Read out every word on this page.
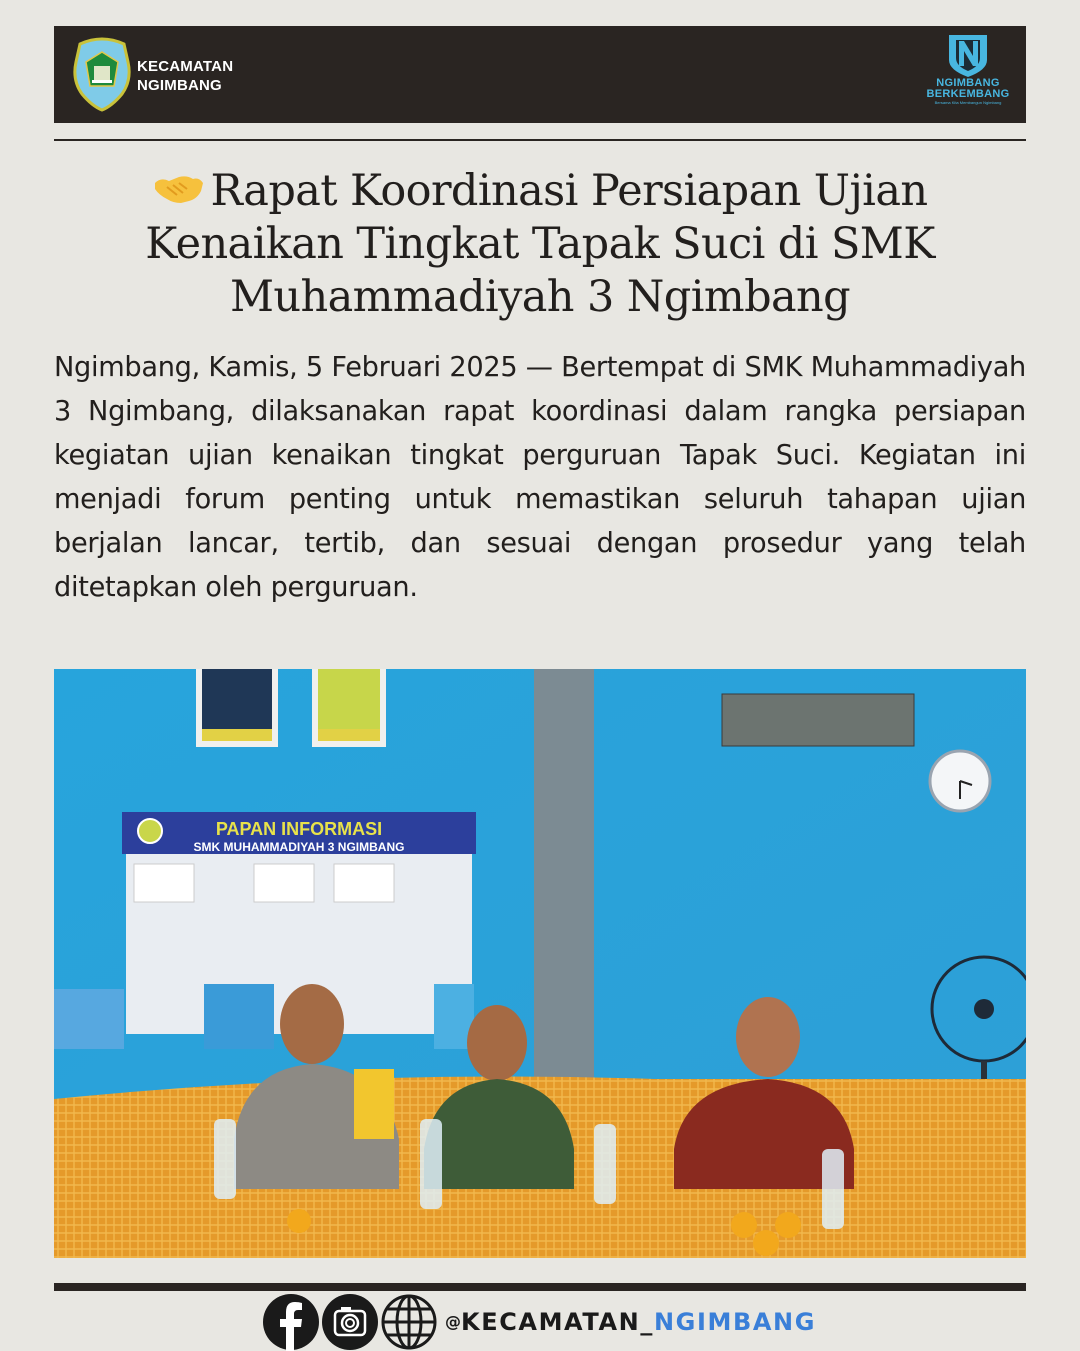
KECAMATAN
NGIMBANG	NGIMBANG
BERKEMBANG
Bersama Kita Membangun Ngimbang
Rapat Koordinasi Persiapan Ujian Kenaikan Tingkat Tapak Suci di SMK Muhammadiyah 3 Ngimbang

Ngimbang, Kamis, 5 Februari 2025 — Bertempat di SMK Muhammadiyah 3 Ngimbang, dilaksanakan rapat koordinasi dalam rangka persiapan kegiatan ujian kenaikan tingkat perguruan Tapak Suci. Kegiatan ini menjadi forum penting untuk memastikan seluruh tahapan ujian berjalan lancar, tertib, dan sesuai dengan prosedur yang telah ditetapkan oleh perguruan.

PAPAN INFORMASI
SMK MUHAMMADIYAH 3 NGIMBANG
@KECAMATAN_NGIMBANG
